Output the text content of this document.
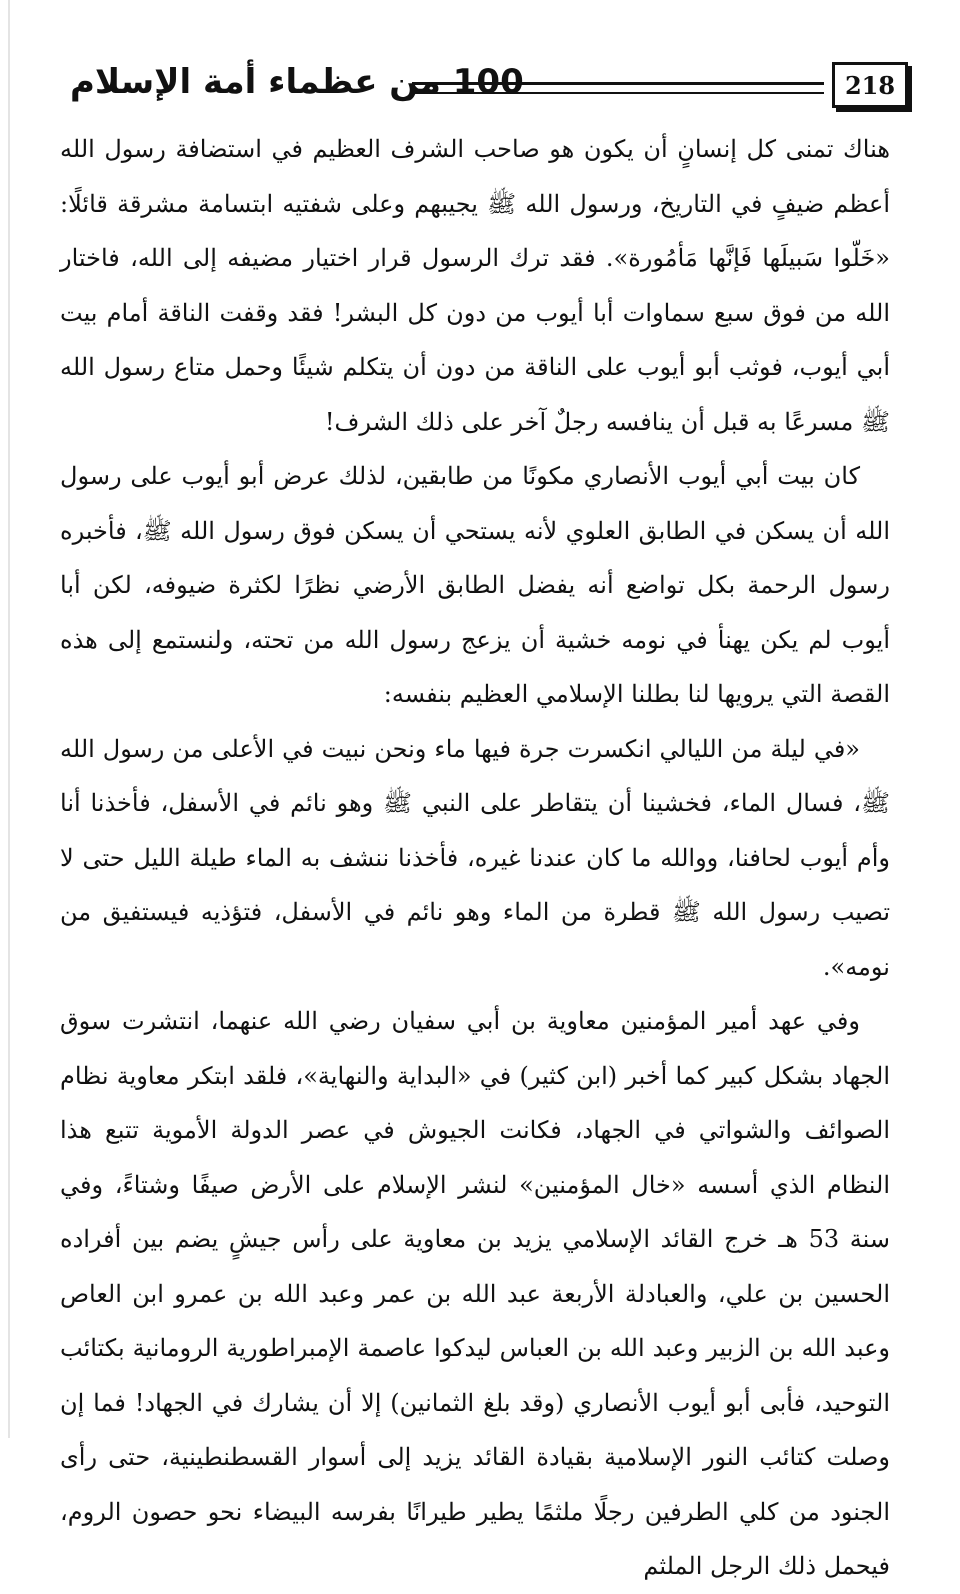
218
100 من عظماء أمة الإسلام

هناك تمنى كل إنسانٍ أن يكون هو صاحب الشرف العظيم في استضافة رسول الله أعظم ضيفٍ في التاريخ، ورسول الله ﷺ يجيبهم وعلى شفتيه ابتسامة مشرقة قائلًا: «خَلّوا سَبيلَها فَإنَّها مَأمُورة». فقد ترك الرسول قرار اختيار مضيفه إلى الله، فاختار الله من فوق سبع سماوات أبا أيوب من دون كل البشر! فقد وقفت الناقة أمام بيت أبي أيوب، فوثب أبو أيوب على الناقة من دون أن يتكلم شيئًا وحمل متاع رسول الله ﷺ مسرعًا به قبل أن ينافسه رجلٌ آخر على ذلك الشرف!

كان بيت أبي أيوب الأنصاري مكونًا من طابقين، لذلك عرض أبو أيوب على رسول الله أن يسكن في الطابق العلوي لأنه يستحي أن يسكن فوق رسول الله ﷺ، فأخبره رسول الرحمة بكل تواضع أنه يفضل الطابق الأرضي نظرًا لكثرة ضيوفه، لكن أبا أيوب لم يكن يهنأ في نومه خشية أن يزعج رسول الله من تحته، ولنستمع إلى هذه القصة التي يرويها لنا بطلنا الإسلامي العظيم بنفسه:

«في ليلة من الليالي انكسرت جرة فيها ماء ونحن نبيت في الأعلى من رسول الله ﷺ، فسال الماء، فخشينا أن يتقاطر على النبي ﷺ وهو نائم في الأسفل، فأخذنا أنا وأم أيوب لحافنا، ووالله ما كان عندنا غيره، فأخذنا ننشف به الماء طيلة الليل حتى لا تصيب رسول الله ﷺ قطرة من الماء وهو نائم في الأسفل، فتؤذيه فيستفيق من نومه».

وفي عهد أمير المؤمنين معاوية بن أبي سفيان رضي الله عنهما، انتشرت سوق الجهاد بشكل كبير كما أخبر (ابن كثير) في «البداية والنهاية»، فلقد ابتكر معاوية نظام الصوائف والشواتي في الجهاد، فكانت الجيوش في عصر الدولة الأموية تتبع هذا النظام الذي أسسه «خال المؤمنين» لنشر الإسلام على الأرض صيفًا وشتاءً، وفي سنة 53 هـ خرج القائد الإسلامي يزيد بن معاوية على رأس جيشٍ يضم بين أفراده الحسين بن علي، والعبادلة الأربعة عبد الله بن عمر وعبد الله بن عمرو ابن العاص وعبد الله بن الزبير وعبد الله بن العباس ليدكوا عاصمة الإمبراطورية الرومانية بكتائب التوحيد، فأبى أبو أيوب الأنصاري (وقد بلغ الثمانين) إلا أن يشارك في الجهاد! فما إن وصلت كتائب النور الإسلامية بقيادة القائد يزيد إلى أسوار القسطنطينية، حتى رأى الجنود من كلي الطرفين رجلًا ملثمًا يطير طيرانًا بفرسه البيضاء نحو حصون الروم، فيحمل ذلك الرجل الملثم
